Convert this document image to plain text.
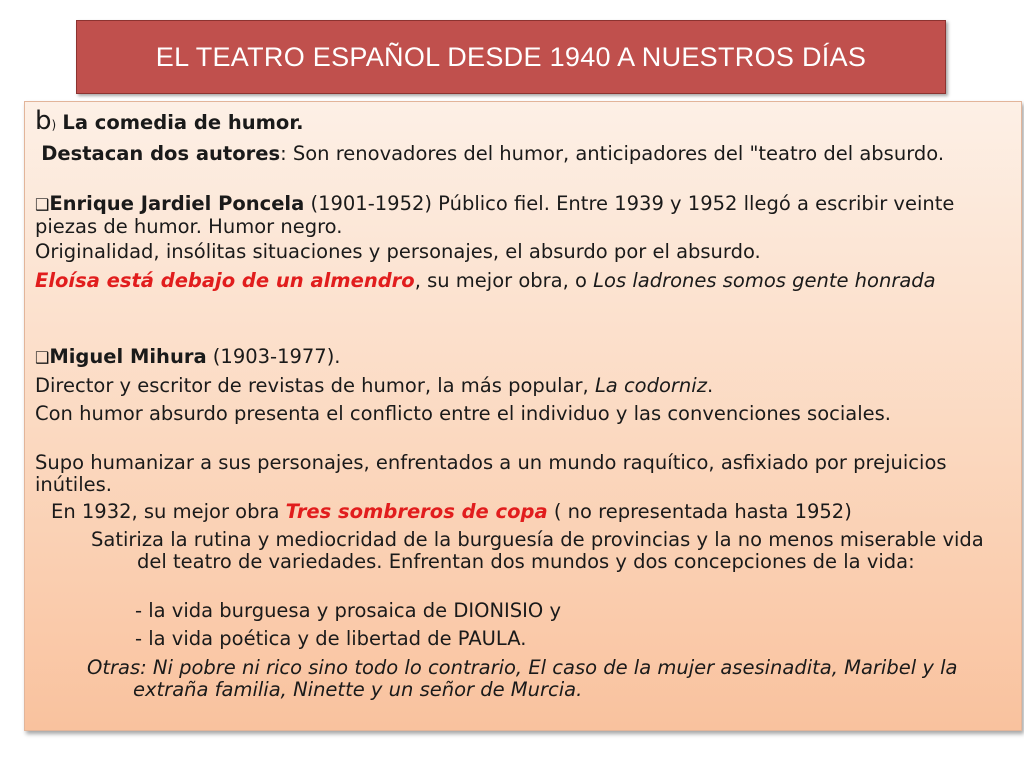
EL TEATRO ESPAÑOL DESDE 1940 A NUESTROS DÍAS

b) La comedia de humor.

Destacan dos autores: Son renovadores del humor, anticipadores del "teatro del absurdo.

❑Enrique Jardiel Poncela (1901-1952) Público fiel. Entre 1939 y 1952 llegó a escribir veinte piezas de humor. Humor negro.

Originalidad, insólitas situaciones y personajes, el absurdo por el absurdo.

Eloísa está debajo de un almendro, su mejor obra, o Los ladrones somos gente honrada

❑Miguel Mihura (1903-1977).

Director y escritor de revistas de humor, la más popular, La codorniz.

Con humor absurdo presenta el conflicto entre el individuo y las convenciones sociales.

Supo humanizar a sus personajes, enfrentados a un mundo raquítico, asfixiado por prejuicios inútiles.

En 1932, su mejor obra Tres sombreros de copa ( no representada hasta 1952)

Satiriza la rutina y mediocridad de la burguesía de provincias y la no menos miserable vida del teatro de variedades. Enfrentan dos mundos y dos concepciones de la vida:

- la vida burguesa y prosaica de DIONISIO y

- la vida poética y de libertad de PAULA.

Otras: Ni pobre ni rico sino todo lo contrario, El caso de la mujer asesinadita, Maribel y la extraña familia, Ninette y un señor de Murcia.
